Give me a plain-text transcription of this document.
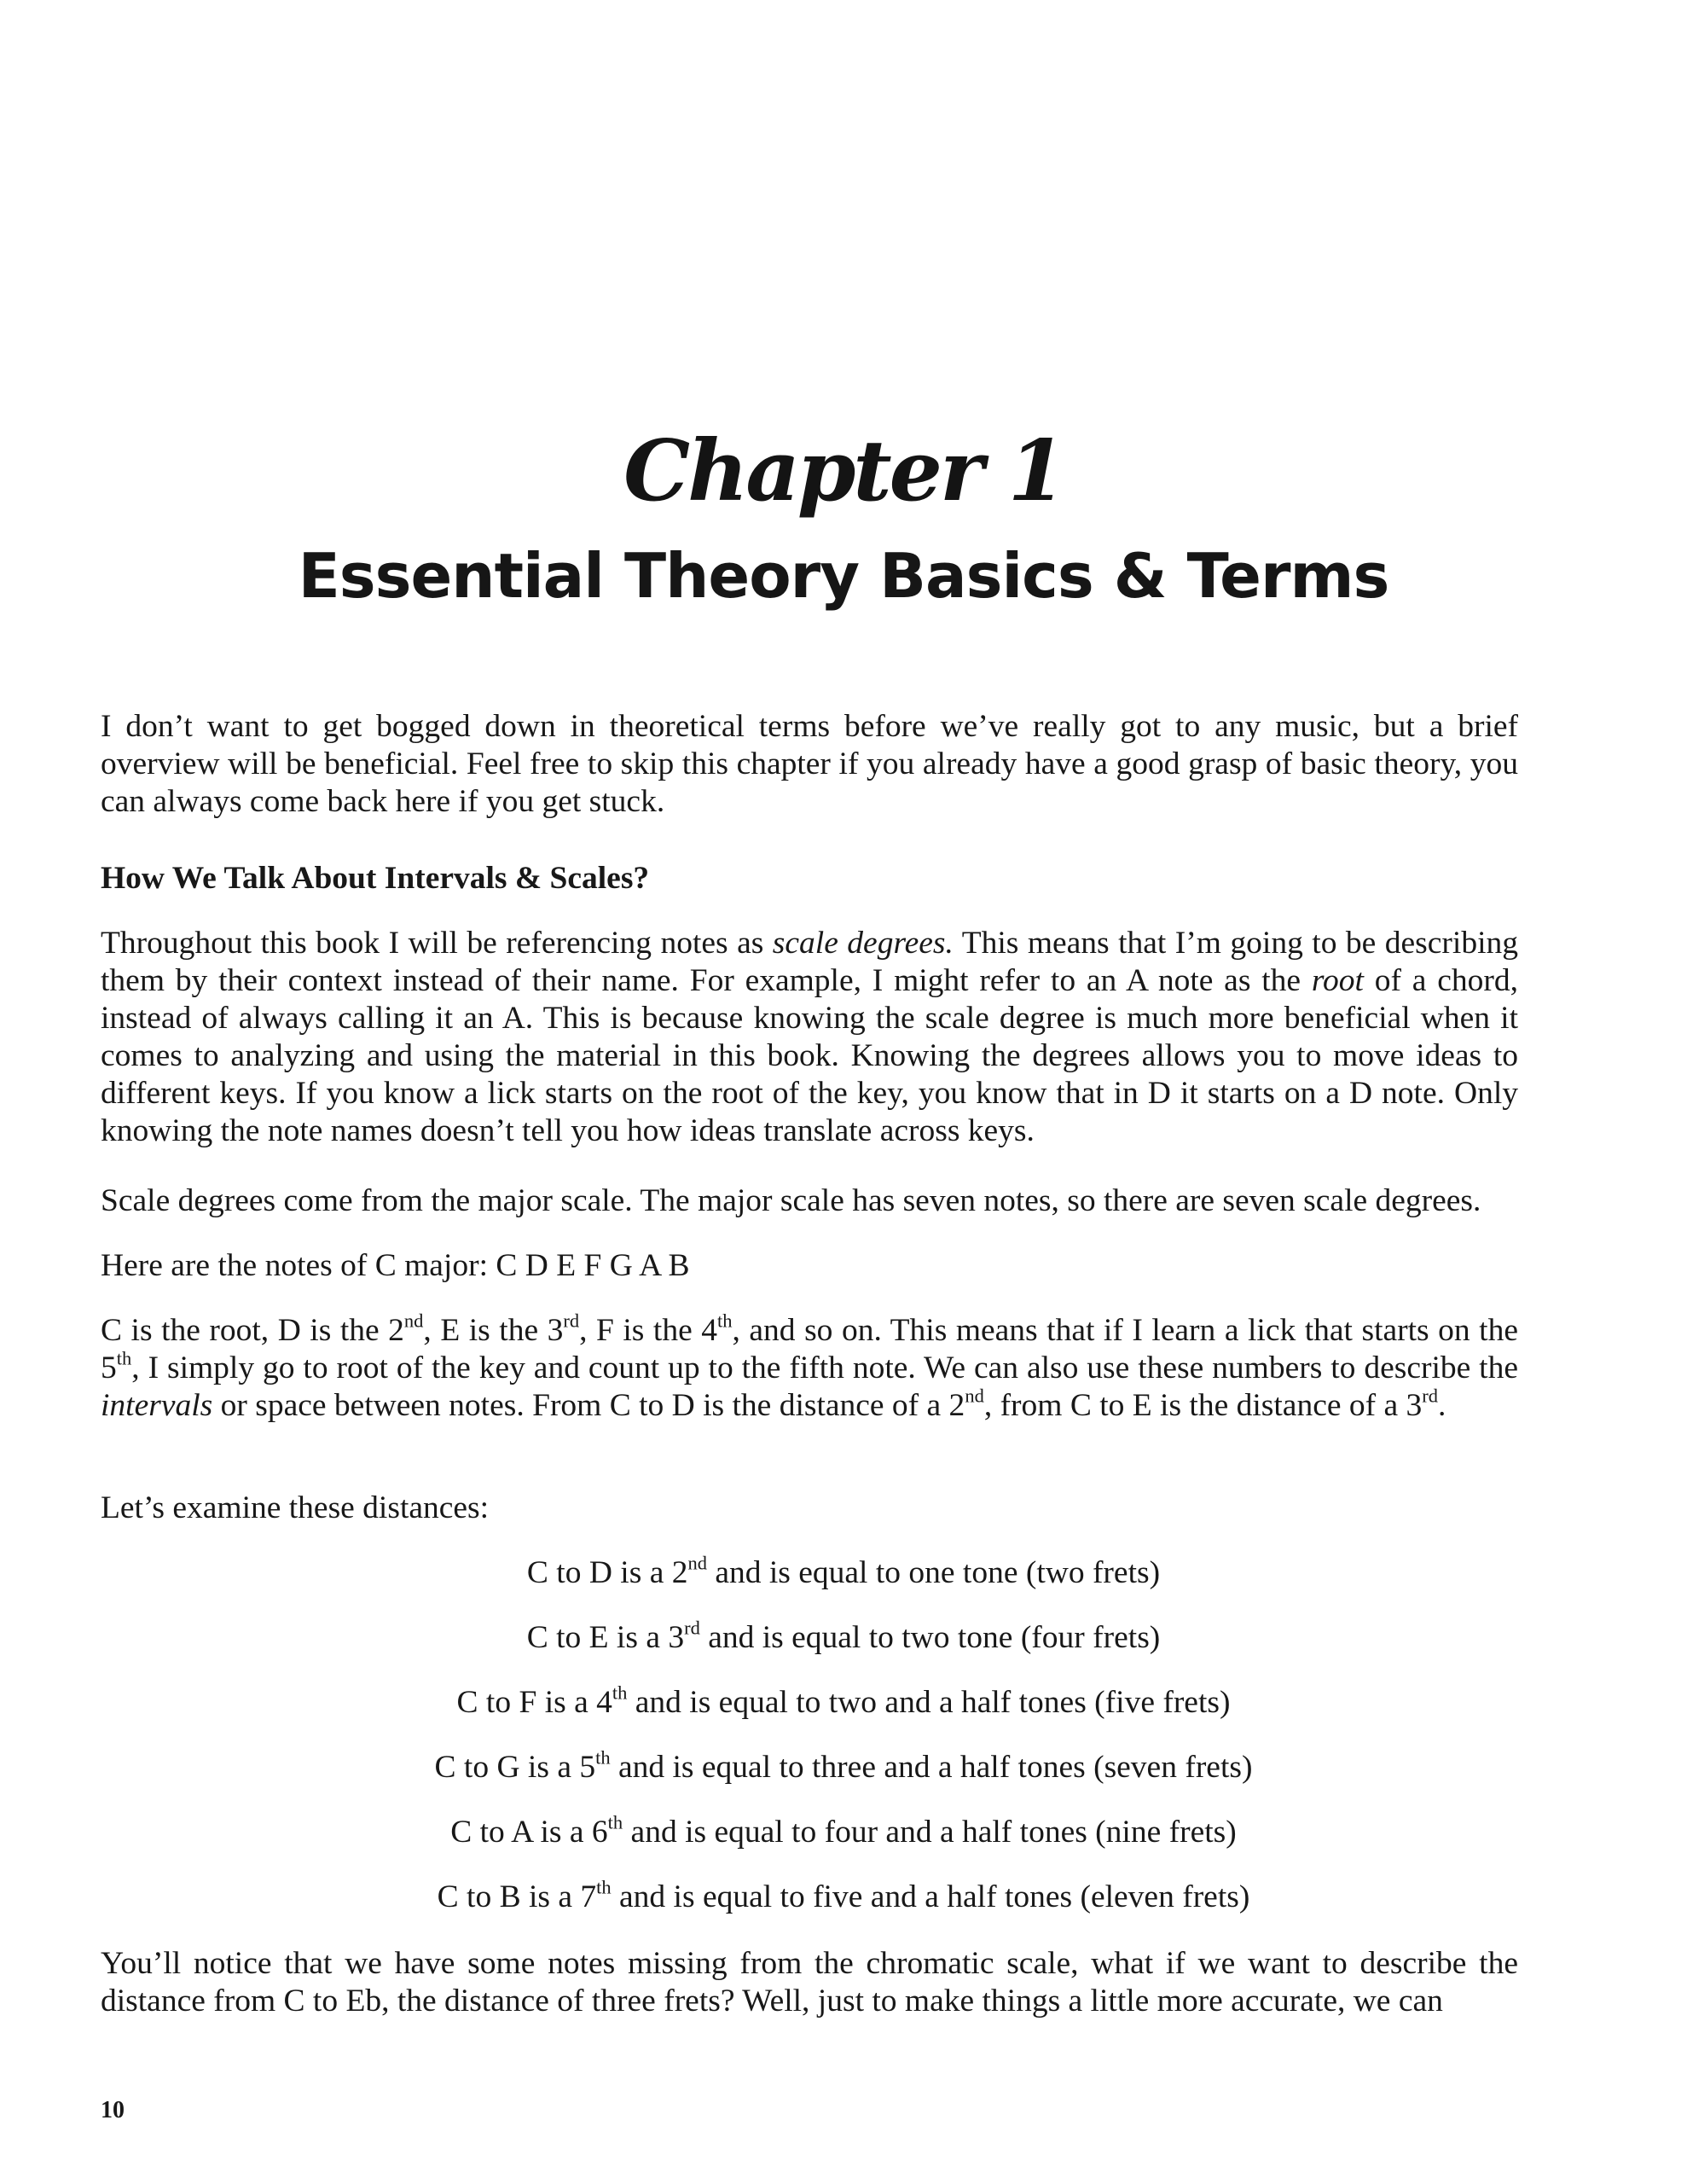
Chapter 1
Essential Theory Basics & Terms

I don’t want to get bogged down in theoretical terms before we’ve really got to any music, but a brief overview will be beneficial. Feel free to skip this chapter if you already have a good grasp of basic theory, you can always come back here if you get stuck.

How We Talk About Intervals & Scales?

Throughout this book I will be referencing notes as scale degrees. This means that I’m going to be describing them by their context instead of their name. For example, I might refer to an A note as the root of a chord, instead of always calling it an A. This is because knowing the scale degree is much more beneficial when it comes to analyzing and using the material in this book. Knowing the degrees allows you to move ideas to different keys. If you know a lick starts on the root of the key, you know that in D it starts on a D note. Only knowing the note names doesn’t tell you how ideas translate across keys.

Scale degrees come from the major scale. The major scale has seven notes, so there are seven scale degrees.

Here are the notes of C major: C D E F G A B

C is the root, D is the 2nd, E is the 3rd, F is the 4th, and so on. This means that if I learn a lick that starts on the 5th, I simply go to root of the key and count up to the fifth note. We can also use these numbers to describe the intervals or space between notes. From C to D is the distance of a 2nd, from C to E is the distance of a 3rd.

Let’s examine these distances:

C to D is a 2nd and is equal to one tone (two frets)
C to E is a 3rd and is equal to two tone (four frets)
C to F is a 4th and is equal to two and a half tones (five frets)
C to G is a 5th and is equal to three and a half tones (seven frets)
C to A is a 6th and is equal to four and a half tones (nine frets)
C to B is a 7th and is equal to five and a half tones (eleven frets)

You’ll notice that we have some notes missing from the chromatic scale, what if we want to describe the distance from C to Eb, the distance of three frets? Well, just to make things a little more accurate, we can

10
